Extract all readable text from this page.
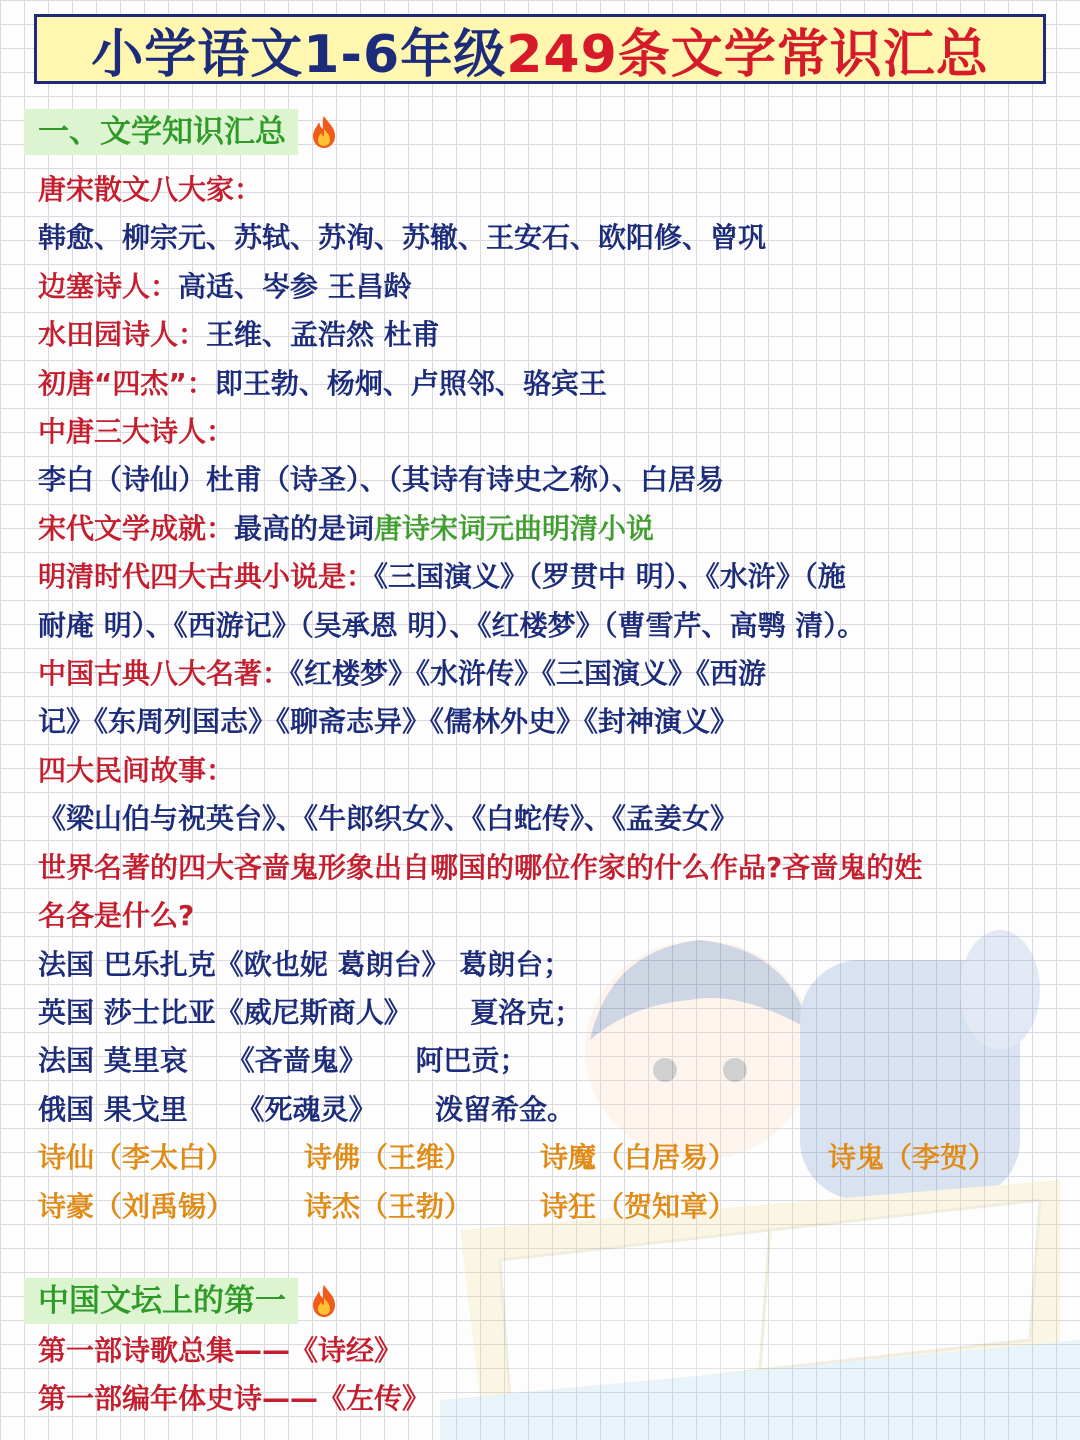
小学语文1-6年级 249条文学常识汇总
一、文学知识汇总
唐宋散文八大家：
韩愈、柳宗元、苏轼、苏洵、苏辙、王安石、欧阳修、曾巩
边塞诗人：高适、岑参 王昌龄
水田园诗人：王维、孟浩然 杜甫
初唐“四杰”：即王勃、杨炯、卢照邻、骆宾王
中唐三大诗人：
李白（诗仙）杜甫（诗圣）、（其诗有诗史之称）、白居易
宋代文学成就：最高的是词唐诗宋词元曲明清小说
明清时代四大古典小说是：《三国演义》（罗贯中 明）、《水浒》（施
耐庵 明）、《西游记》（吴承恩 明）、《红楼梦》（曹雪芹、高鹗 清）。
中国古典八大名著：《红楼梦》《水浒传》《三国演义》《西游
记》《东周列国志》《聊斋志异》《儒林外史》《封神演义》
四大民间故事：
《梁山伯与祝英台》、《牛郎织女》、《白蛇传》、《孟姜女》
世界名著的四大吝啬鬼形象出自哪国的哪位作家的什么作品?吝啬鬼的姓
名各是什么?
法国 巴乐扎克《欧也妮 葛朗台》 葛朗台；
英国 莎士比亚《威尼斯商人》      夏洛克；
法国 莫里哀    《吝啬鬼》     阿巴贡；
俄国 果戈里     《死魂灵》      泼留希金。
诗仙（李太白） 诗佛（王维） 诗魔（白居易）	诗鬼（李贺）
诗豪（刘禹锡） 诗杰（王勃） 诗狂（贺知章）
中国文坛上的第一
第一部诗歌总集——《诗经》
第一部编年体史诗——《左传》
